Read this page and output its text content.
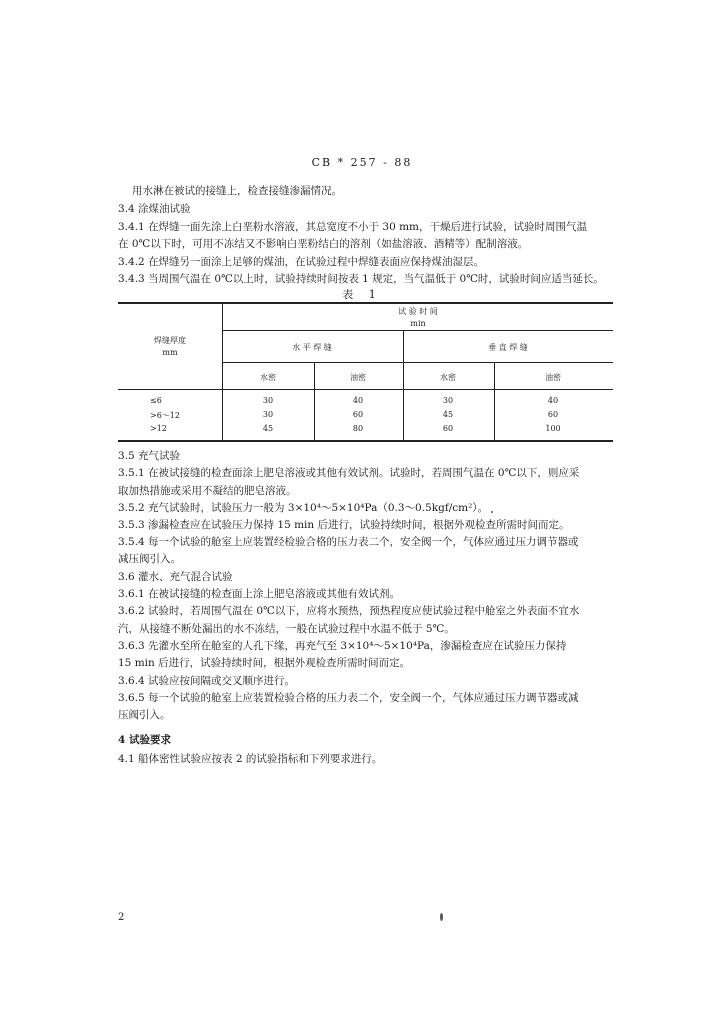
CB * 257 - 88
用水淋在被试的接缝上，检查接缝渗漏情况。
3.4 涂煤油试验
3.4.1 在焊缝一面先涂上白垩粉水溶液，其总宽度不小于 30 mm，干燥后进行试验，试验时周围气温
在 0℃以下时，可用不冻结又不影响白垩粉结白的溶剂（如盐溶液、酒精等）配制溶液。
3.4.2 在焊缝另一面涂上足够的煤油，在试验过程中焊缝表面应保持煤油湿层。
3.4.3 当周围气温在 0℃以上时，试验持续时间按表 1 规定，当气温低于 0℃时，试验时间应适当延长。
表 1
试 验 时 间
min
焊缝厚度
mm
水 平 焊 缝	垂 直 焊 缝
水密	油密	水密	油密
≤6	30	40	30	40
>6～12	30	60	45	60
>12	45	80	60	100
3.5 充气试验
3.5.1 在被试接缝的检查面涂上肥皂溶液或其他有效试剂。试验时，若周围气温在 0℃以下，则应采
取加热措施或采用不凝结的肥皂溶液。
3.5.2 充气试验时，试验压力一般为 3×10⁴～5×10⁴Pa（0.3～0.5kgf/cm²）。
3.5.3 渗漏检查应在试验压力保持 15 min 后进行，试验持续时间，根据外观检查所需时间而定。
3.5.4 每一个试验的舱室上应装置经检验合格的压力表二个，安全阀一个，气体应通过压力调节器或
减压阀引入。
3.6 灌水、充气混合试验
3.6.1 在被试接缝的检查面上涂上肥皂溶液或其他有效试剂。
3.6.2 试验时，若周围气温在 0℃以下，应将水预热，预热程度应使试验过程中舱室之外表面不宜水
汽，从接缝不断处漏出的水不冻结，一般在试验过程中水温不低于 5℃。
3.6.3 先灌水至所在舱室的人孔下缘，再充气至 3×10⁴～5×10⁴Pa，渗漏检查应在试验压力保持
15 min 后进行，试验持续时间，根据外观检查所需时间而定。
3.6.4 试验应按间隔或交叉顺序进行。
3.6.5 每一个试验的舱室上应装置检验合格的压力表二个，安全阀一个，气体应通过压力调节器或减
压阀引入。
4 试验要求
4.1 船体密性试验应按表 2 的试验指标和下列要求进行。
2
